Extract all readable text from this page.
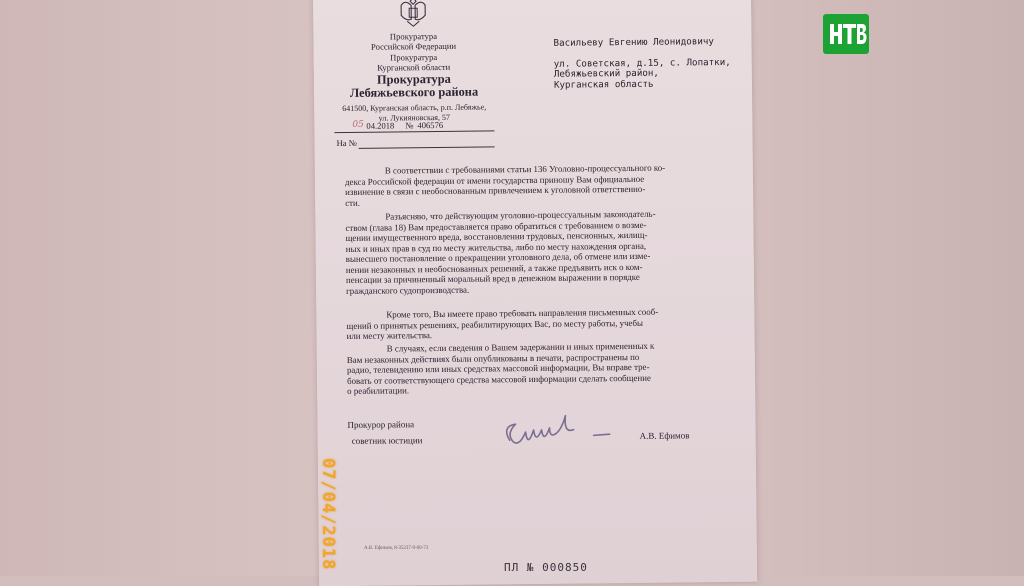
Прокуратура
Российской Федерации
Прокуратура
Курганской области
Прокуратура
Лебяжьевского района
641500, Курганская область, р.п. Лебяжье,
ул. Лукияновская, 57
05 04.2018 № 406576
На №
Васильеву Евгению Леонидовичу
ул. Советская, д.15, с. Лопатки,
Лебяжьевский район,
Курганская область
В соответствии с требованиями статьи 136 Уголовно-процессуального ко-
декса Российской федерации от имени государства приношу Вам официальное
извинение в связи с необоснованным привлечением к уголовной ответственно-
сти.
Разъясняю, что действующим уголовно-процессуальным законодатель-
ством (глава 18) Вам предоставляется право обратиться с требованием о возме-
щении имущественного вреда, восстановлении трудовых, пенсионных, жилищ-
ных и иных прав в суд по месту жительства, либо по месту нахождения органа,
вынесшего постановление о прекращении уголовного дела, об отмене или изме-
нении незаконных и необоснованных решений, а также предъявить иск о ком-
пенсации за причиненный моральный вред в денежном выражении в порядке
гражданского судопроизводства.
Кроме того, Вы имеете право требовать направления письменных сооб-
щений о принятых решениях, реабилитирующих Вас, по месту работы, учебы
или месту жительства.
В случаях, если сведения о Вашем задержании и иных примененных к
Вам незаконных действиях были опубликованы в печати, распространены по
радио, телевидению или иных средствах массовой информации, Вы вправе тре-
бовать от соответствующего средства массовой информации сделать сообщение
о реабилитации.
Прокурор района
советник юстиции	А.В. Ефимов
07/04/2018	А.В. Ефимов, 8-35237-9-00-73
ПЛ № 000850
